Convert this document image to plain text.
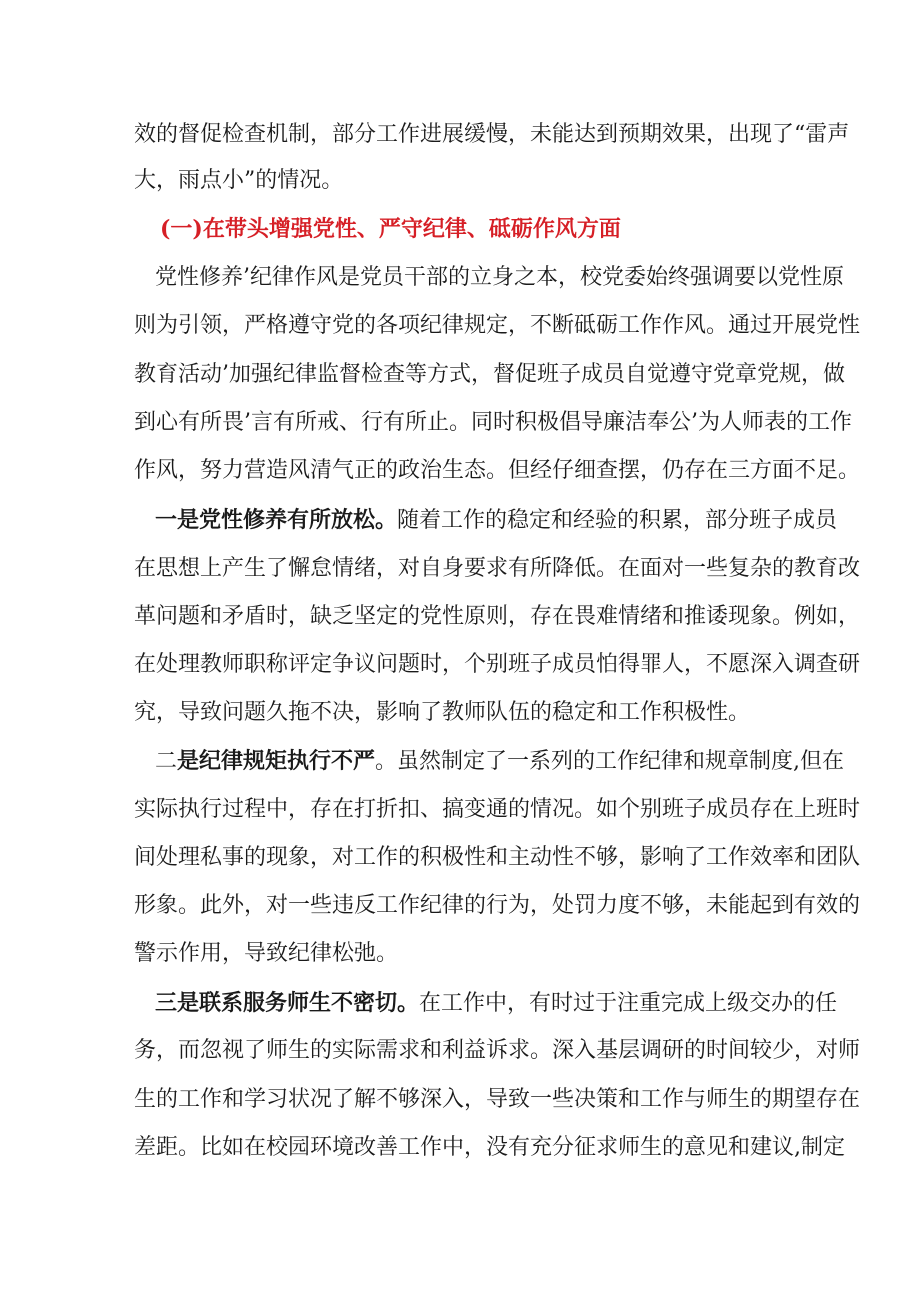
效的督促检查机制，部分工作进展缓慢，未能达到预期效果，出现了“雷声
大，雨点小”的情况。
(一)在带头增强党性、严守纪律、砥砺作风方面
党性修养’纪律作风是党员干部的立身之本，校党委始终强调要以党性原
则为引领，严格遵守党的各项纪律规定，不断砥砺工作作风。通过开展党性
教育活动’加强纪律监督检查等方式，督促班子成员自觉遵守党章党规，做
到心有所畏’言有所戒、行有所止。同时积极倡导廉洁奉公’为人师表的工作
作风，努力营造风清气正的政治生态。但经仔细查摆，仍存在三方面不足。
一是党性修养有所放松。随着工作的稳定和经验的积累，部分班子成员
在思想上产生了懈怠情绪，对自身要求有所降低。在面对一些复杂的教育改
革问题和矛盾时，缺乏坚定的党性原则，存在畏难情绪和推诿现象。例如，
在处理教师职称评定争议问题时，个别班子成员怕得罪人，不愿深入调查研
究，导致问题久拖不决，影响了教师队伍的稳定和工作积极性。
二是纪律规矩执行不严。虽然制定了一系列的工作纪律和规章制度,但在
实际执行过程中，存在打折扣、搞变通的情况。如个别班子成员存在上班时
间处理私事的现象，对工作的积极性和主动性不够，影响了工作效率和团队
形象。此外，对一些违反工作纪律的行为，处罚力度不够，未能起到有效的
警示作用，导致纪律松弛。
三是联系服务师生不密切。在工作中，有时过于注重完成上级交办的任
务，而忽视了师生的实际需求和利益诉求。深入基层调研的时间较少，对师
生的工作和学习状况了解不够深入，导致一些决策和工作与师生的期望存在
差距。比如在校园环境改善工作中，没有充分征求师生的意见和建议,制定
